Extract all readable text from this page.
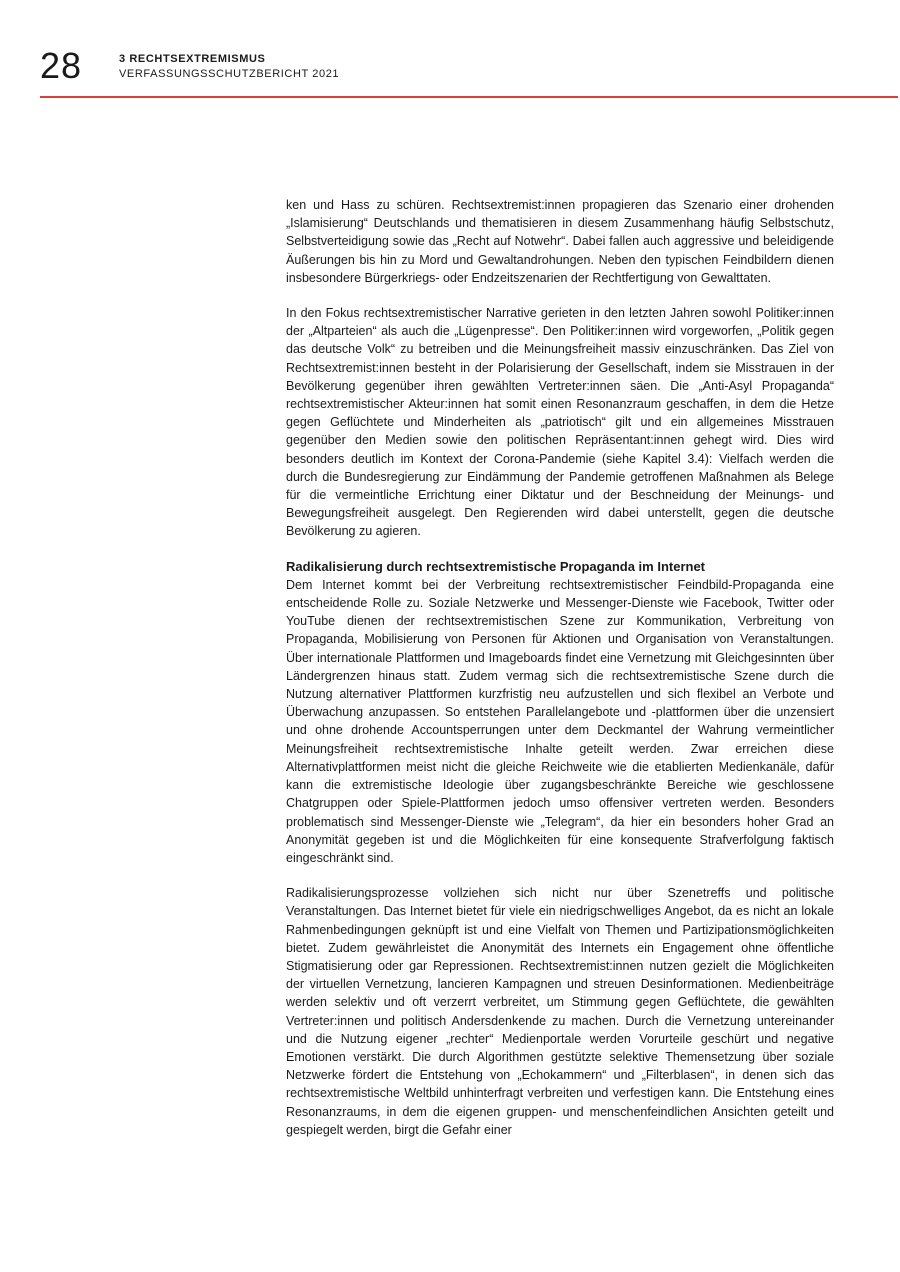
28	3 RECHTSEXTREMISMUS
VERFASSUNGSSCHUTZBERICHT 2021

ken und Hass zu schüren. Rechtsextremist:innen propagieren das Szenario einer drohenden „Islamisierung“ Deutschlands und thematisieren in diesem Zusammenhang häufig Selbstschutz, Selbstverteidigung sowie das „Recht auf Notwehr“. Dabei fallen auch aggressive und beleidigende Äußerungen bis hin zu Mord und Gewaltandrohungen. Neben den typischen Feindbildern dienen insbesondere Bürgerkriegs- oder Endzeitszenarien der Rechtfertigung von Gewalttaten.

In den Fokus rechtsextremistischer Narrative gerieten in den letzten Jahren sowohl Politiker:innen der „Altparteien“ als auch die „Lügenpresse“. Den Politiker:innen wird vorgeworfen, „Politik gegen das deutsche Volk“ zu betreiben und die Meinungsfreiheit massiv einzuschränken. Das Ziel von Rechtsextremist:innen besteht in der Polarisierung der Gesellschaft, indem sie Misstrauen in der Bevölkerung gegenüber ihren gewählten Vertreter:innen säen. Die „Anti-Asyl Propaganda“ rechtsextremistischer Akteur:innen hat somit einen Resonanzraum geschaffen, in dem die Hetze gegen Geflüchtete und Minderheiten als „patriotisch“ gilt und ein allgemeines Misstrauen gegenüber den Medien sowie den politischen Repräsentant:innen gehegt wird. Dies wird besonders deutlich im Kontext der Corona-Pandemie (siehe Kapitel 3.4): Vielfach werden die durch die Bundesregierung zur Eindämmung der Pandemie getroffenen Maßnahmen als Belege für die vermeintliche Errichtung einer Diktatur und der Beschneidung der Meinungs- und Bewegungsfreiheit ausgelegt. Den Regierenden wird dabei unterstellt, gegen die deutsche Bevölkerung zu agieren.

Radikalisierung durch rechtsextremistische Propaganda im Internet

Dem Internet kommt bei der Verbreitung rechtsextremistischer Feindbild-Propaganda eine entscheidende Rolle zu. Soziale Netzwerke und Messenger-Dienste wie Facebook, Twitter oder YouTube dienen der rechtsextremistischen Szene zur Kommunikation, Verbreitung von Propaganda, Mobilisierung von Personen für Aktionen und Organisation von Veranstaltungen. Über internationale Plattformen und Imageboards findet eine Vernetzung mit Gleichgesinnten über Ländergrenzen hinaus statt. Zudem vermag sich die rechtsextremistische Szene durch die Nutzung alternativer Plattformen kurzfristig neu aufzustellen und sich flexibel an Verbote und Überwachung anzupassen. So entstehen Parallelangebote und -plattformen über die unzensiert und ohne drohende Accountsperrungen unter dem Deckmantel der Wahrung vermeintlicher Meinungsfreiheit rechtsextremistische Inhalte geteilt werden. Zwar erreichen diese Alternativplattformen meist nicht die gleiche Reichweite wie die etablierten Medienkanäle, dafür kann die extremistische Ideologie über zugangsbeschränkte Bereiche wie geschlossene Chatgruppen oder Spiele-Plattformen jedoch umso offensiver vertreten werden. Besonders problematisch sind Messenger-Dienste wie „Telegram“, da hier ein besonders hoher Grad an Anonymität gegeben ist und die Möglichkeiten für eine konsequente Strafverfolgung faktisch eingeschränkt sind.

Radikalisierungsprozesse vollziehen sich nicht nur über Szenetreffs und politische Veranstaltungen. Das Internet bietet für viele ein niedrigschwelliges Angebot, da es nicht an lokale Rahmenbedingungen geknüpft ist und eine Vielfalt von Themen und Partizipationsmöglichkeiten bietet. Zudem gewährleistet die Anonymität des Internets ein Engagement ohne öffentliche Stigmatisierung oder gar Repressionen. Rechtsextremist:innen nutzen gezielt die Möglichkeiten der virtuellen Vernetzung, lancieren Kampagnen und streuen Desinformationen. Medienbeiträge werden selektiv und oft verzerrt verbreitet, um Stimmung gegen Geflüchtete, die gewählten Vertreter:innen und politisch Andersdenkende zu machen. Durch die Vernetzung untereinander und die Nutzung eigener „rechter“ Medienportale werden Vorurteile geschürt und negative Emotionen verstärkt. Die durch Algorithmen gestützte selektive Themensetzung über soziale Netzwerke fördert die Entstehung von „Echokammern“ und „Filterblasen“, in denen sich das rechtsextremistische Weltbild unhinterfragt verbreiten und verfestigen kann. Die Entstehung eines Resonanzraums, in dem die eigenen gruppen- und menschenfeindlichen Ansichten geteilt und gespiegelt werden, birgt die Gefahr einer
